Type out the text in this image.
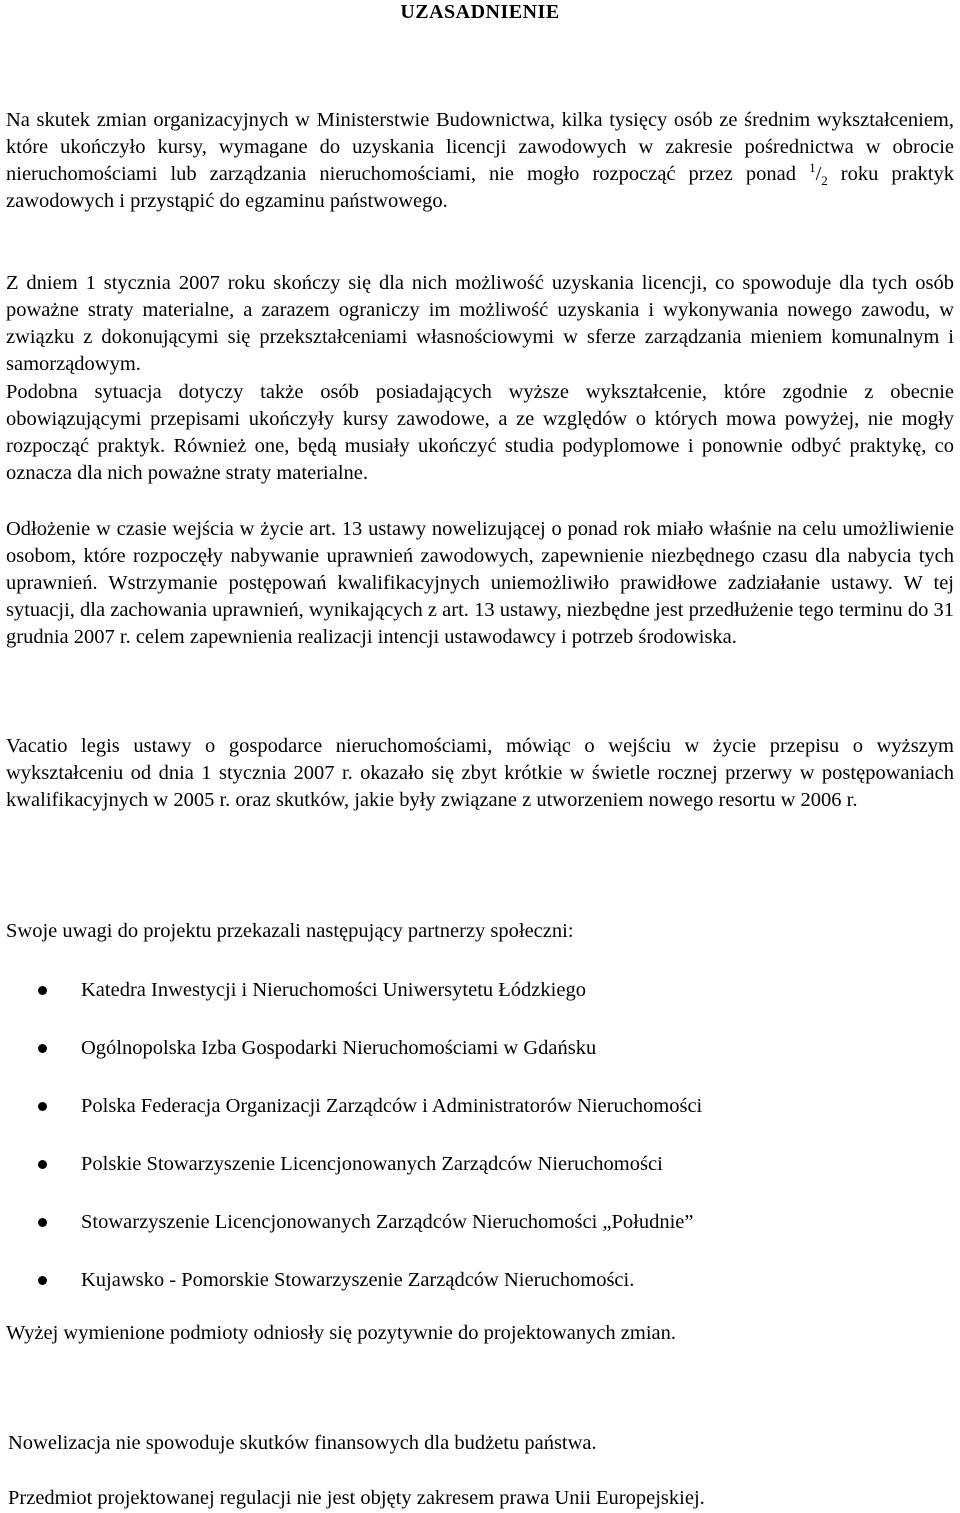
UZASADNIENIE

Na skutek zmian organizacyjnych w Ministerstwie Budownictwa, kilka tysięcy osób ze średnim wykształceniem, które ukończyło kursy, wymagane do uzyskania licencji zawodowych w zakresie pośrednictwa w obrocie nieruchomościami lub zarządzania nieruchomościami, nie mogło rozpocząć przez ponad $^1/_2$ roku praktyk zawodowych i przystąpić do egzaminu państwowego.

Z dniem 1 stycznia 2007 roku skończy się dla nich możliwość uzyskania licencji, co spowoduje dla tych osób poważne straty materialne, a zarazem ograniczy im możliwość uzyskania i wykonywania nowego zawodu, w związku z dokonującymi się przekształceniami własnościowymi w sferze zarządzania mieniem komunalnym i samorządowym.

Podobna sytuacja dotyczy także osób posiadających wyższe wykształcenie, które zgodnie z obecnie obowiązującymi przepisami ukończyły kursy zawodowe, a ze względów o których mowa powyżej, nie mogły rozpocząć praktyk. Również one, będą musiały ukończyć studia podyplomowe i ponownie odbyć praktykę, co oznacza dla nich poważne straty materialne.

Odłożenie w czasie wejścia w życie art. 13 ustawy nowelizującej o ponad rok miało właśnie na celu umożliwienie osobom, które rozpoczęły nabywanie uprawnień zawodowych, zapewnienie niezbędnego czasu dla nabycia tych uprawnień. Wstrzymanie postępowań kwalifikacyjnych uniemożliwiło prawidłowe zadziałanie ustawy. W tej sytuacji, dla zachowania uprawnień, wynikających z art. 13 ustawy, niezbędne jest przedłużenie tego terminu do 31 grudnia 2007 r. celem zapewnienia realizacji intencji ustawodawcy i potrzeb środowiska.

Vacatio legis ustawy o gospodarce nieruchomościami, mówiąc o wejściu w życie przepisu o wyższym wykształceniu od dnia 1 stycznia 2007 r. okazało się zbyt krótkie w świetle rocznej przerwy w postępowaniach kwalifikacyjnych w 2005 r. oraz skutków, jakie były związane z utworzeniem nowego resortu w 2006 r.

Swoje uwagi do projektu przekazali następujący partnerzy społeczni:

Katedra Inwestycji i Nieruchomości Uniwersytetu Łódzkiego
Ogólnopolska Izba Gospodarki Nieruchomościami w Gdańsku
Polska Federacja Organizacji Zarządców i Administratorów Nieruchomości
Polskie Stowarzyszenie Licencjonowanych Zarządców Nieruchomości
Stowarzyszenie Licencjonowanych Zarządców Nieruchomości „Południe”
Kujawsko - Pomorskie Stowarzyszenie Zarządców Nieruchomości.

Wyżej wymienione podmioty odniosły się pozytywnie do projektowanych zmian.

Nowelizacja nie spowoduje skutków finansowych dla budżetu państwa.

Przedmiot projektowanej regulacji nie jest objęty zakresem prawa Unii Europejskiej.
